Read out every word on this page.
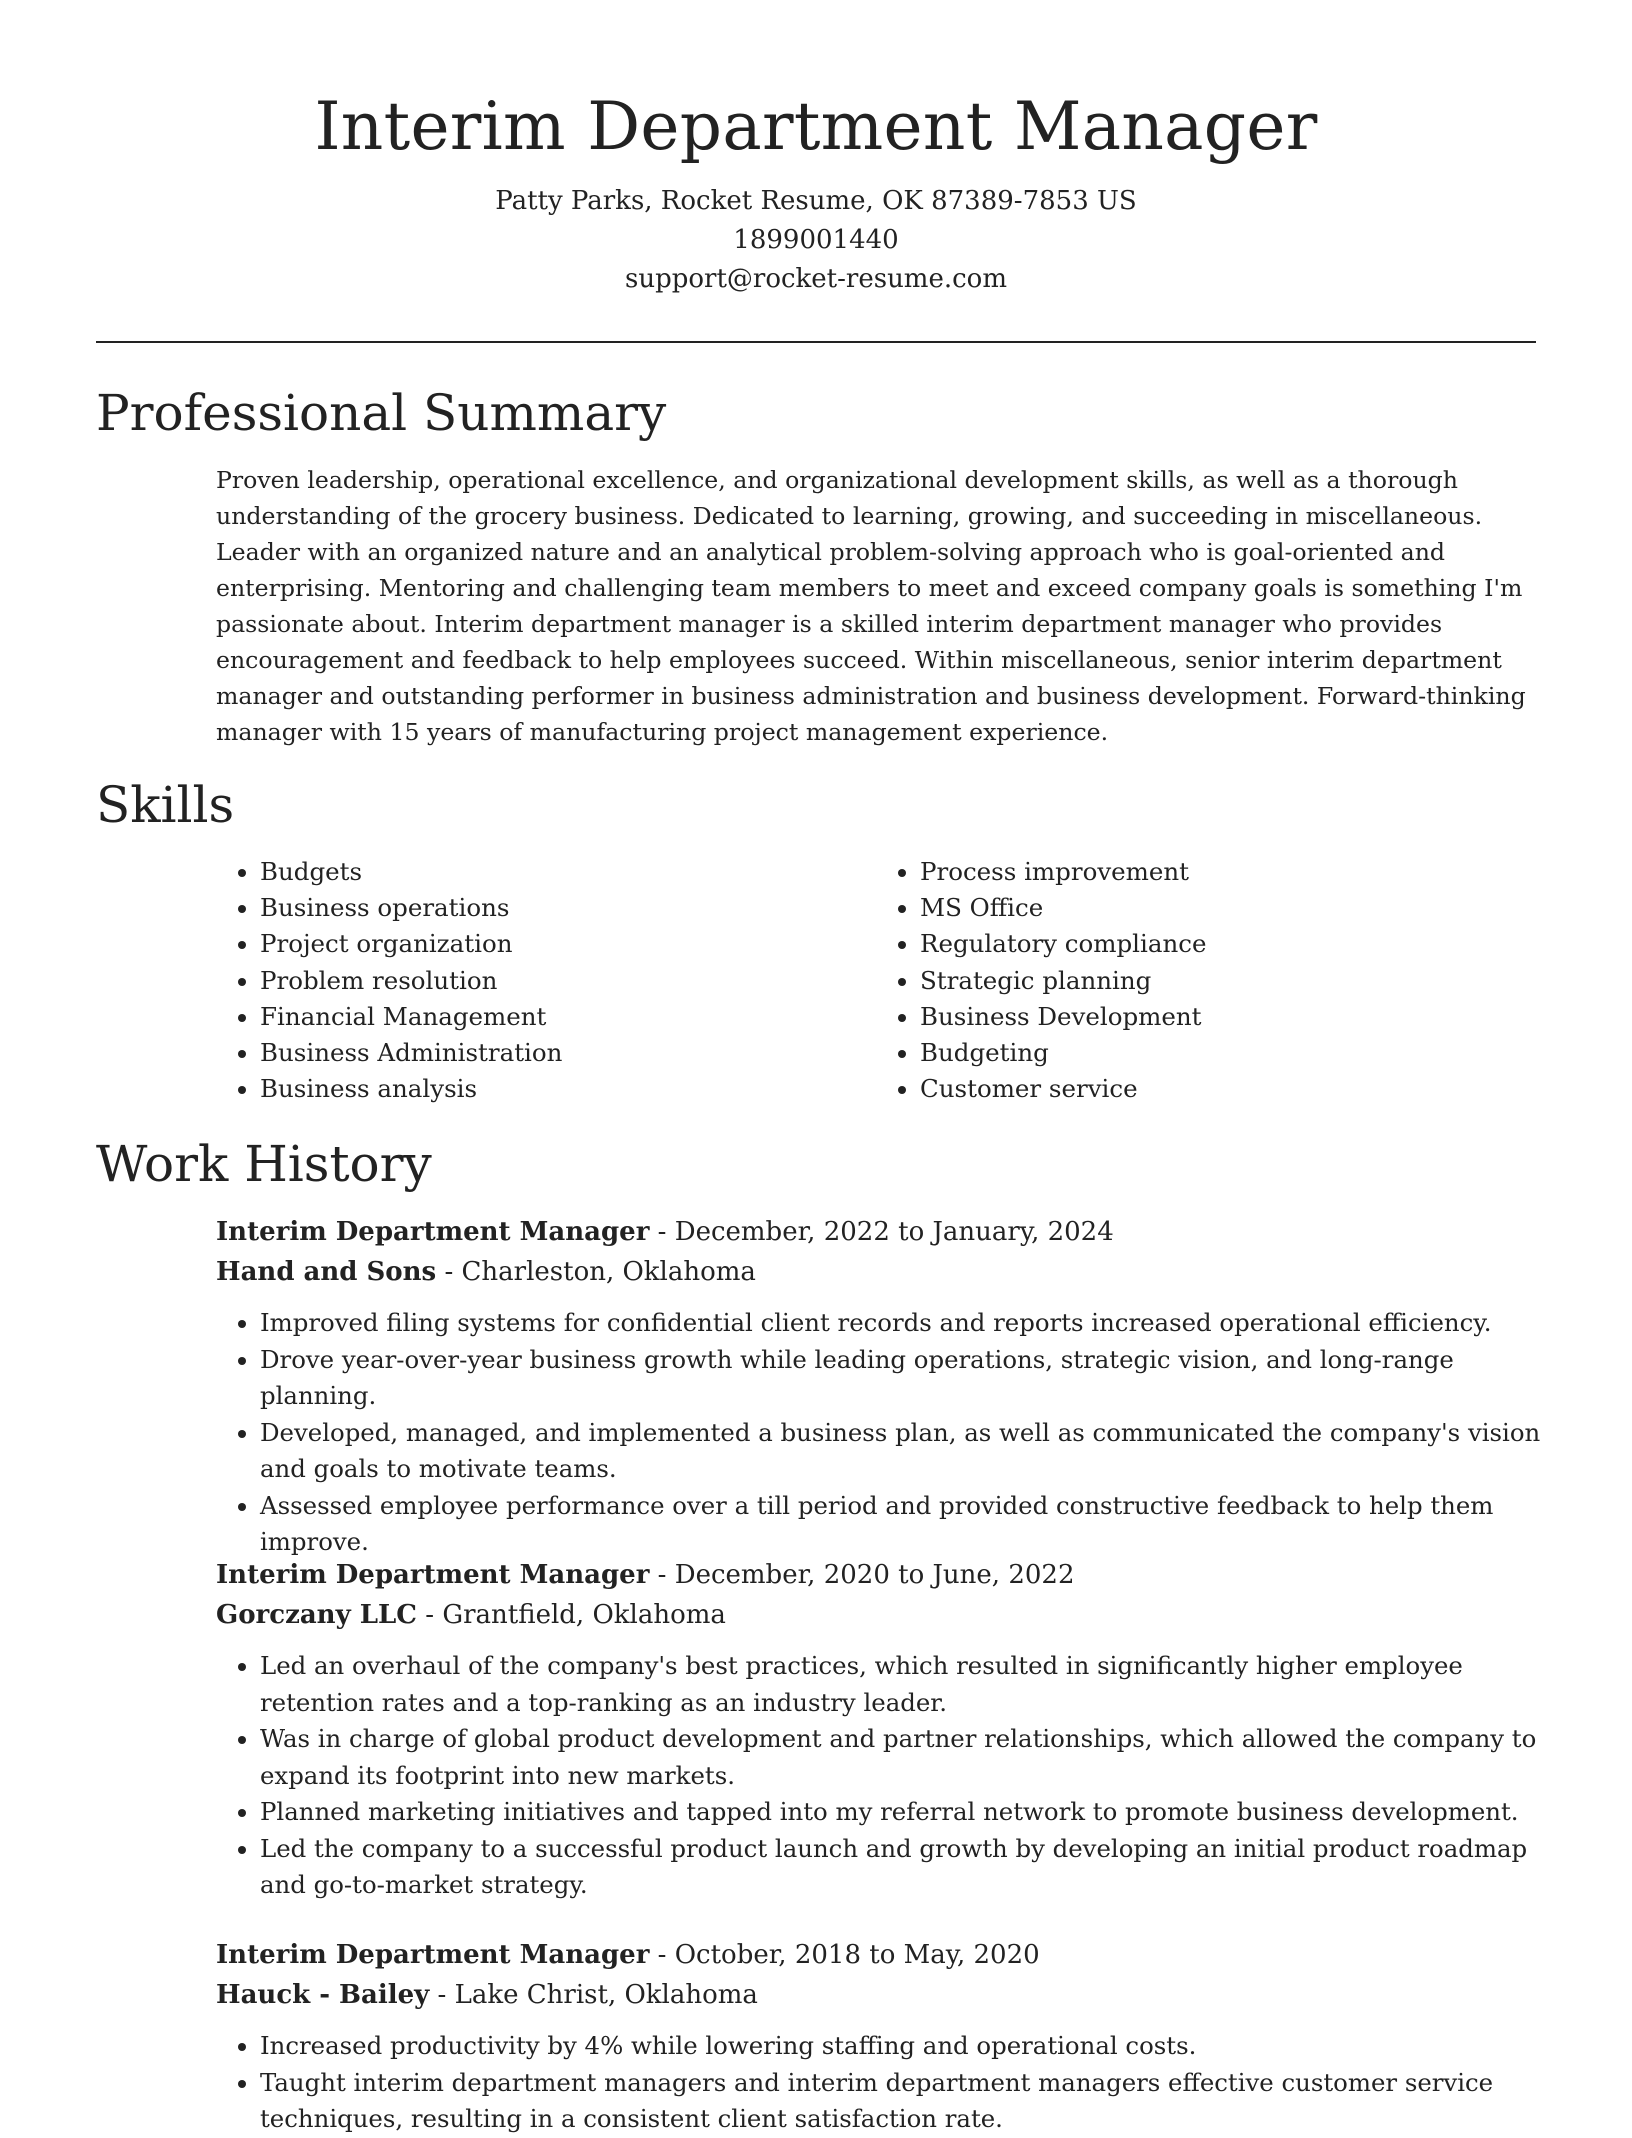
Interim Department Manager
Patty Parks, Rocket Resume, OK 87389-7853 US
1899001440
support@rocket-resume.com
Professional Summary
Proven leadership, operational excellence, and organizational development skills, as well as a thorough understanding of the grocery business. Dedicated to learning, growing, and succeeding in miscellaneous. Leader with an organized nature and an analytical problem-solving approach who is goal-oriented and enterprising. Mentoring and challenging team members to meet and exceed company goals is something I'm passionate about. Interim department manager is a skilled interim department manager who provides encouragement and feedback to help employees succeed. Within miscellaneous, senior interim department manager and outstanding performer in business administration and business development. Forward-thinking manager with 15 years of manufacturing project management experience.
Skills
• Budgets
• Business operations
• Project organization
• Problem resolution
• Financial Management
• Business Administration
• Business analysis
• Process improvement
• MS Office
• Regulatory compliance
• Strategic planning
• Business Development
• Budgeting
• Customer service
Work History
Interim Department Manager - December, 2022 to January, 2024
Hand and Sons - Charleston, Oklahoma
• Improved filing systems for confidential client records and reports increased operational efficiency.
• Drove year-over-year business growth while leading operations, strategic vision, and long-range planning.
• Developed, managed, and implemented a business plan, as well as communicated the company's vision and goals to motivate teams.
• Assessed employee performance over a till period and provided constructive feedback to help them improve.
Interim Department Manager - December, 2020 to June, 2022
Gorczany LLC - Grantfield, Oklahoma
• Led an overhaul of the company's best practices, which resulted in significantly higher employee retention rates and a top-ranking as an industry leader.
• Was in charge of global product development and partner relationships, which allowed the company to expand its footprint into new markets.
• Planned marketing initiatives and tapped into my referral network to promote business development.
• Led the company to a successful product launch and growth by developing an initial product roadmap and go-to-market strategy.
Interim Department Manager - October, 2018 to May, 2020
Hauck - Bailey - Lake Christ, Oklahoma
• Increased productivity by 4% while lowering staffing and operational costs.
• Taught interim department managers and interim department managers effective customer service techniques, resulting in a consistent client satisfaction rate.
